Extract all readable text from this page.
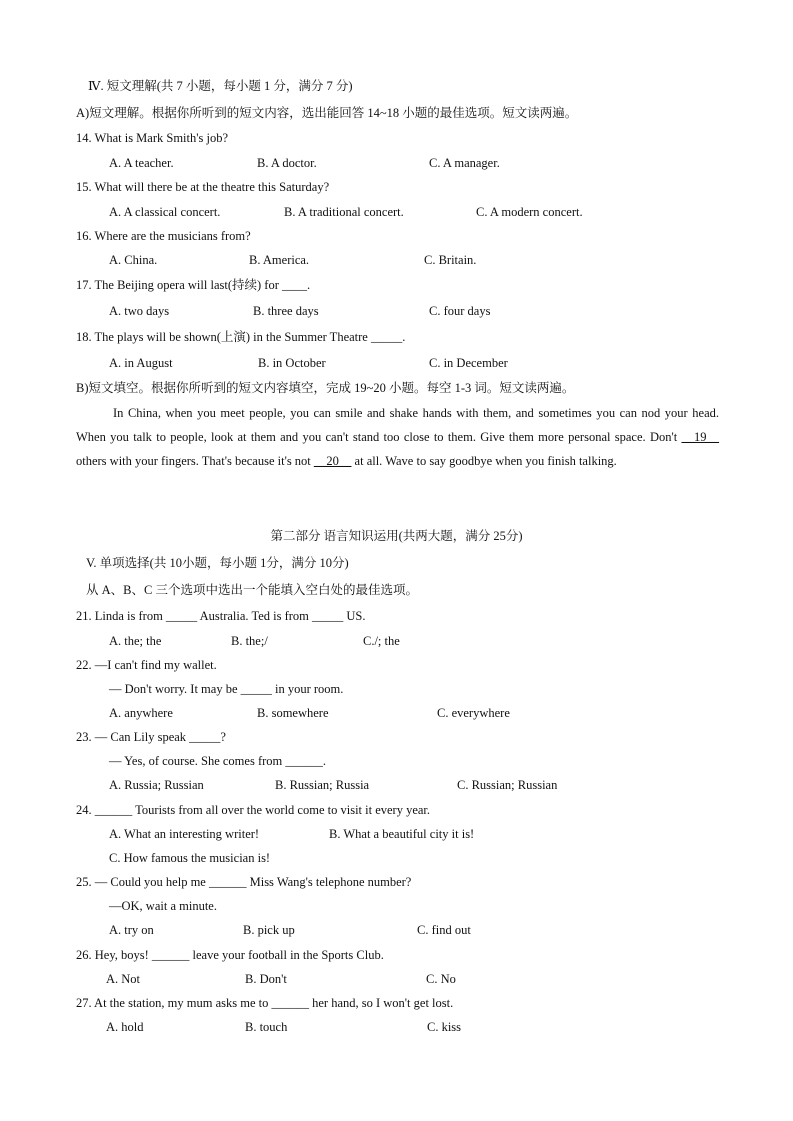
Ⅳ. 短文理解(共 7 小题，每小题 1 分，满分 7 分)
A)短文理解。根据你所听到的短文内容，选出能回答 14~18 小题的最佳选项。短文读两遍。
14. What is Mark Smith's job?
A. A teacher.	B. A doctor.	C. A manager.
15. What will there be at the theatre this Saturday?
A. A classical concert.	B. A traditional concert.	C. A modern concert.
16. Where are the musicians from?
A. China.	B. America.	C. Britain.
17. The Beijing opera will last(持续) for ____.
A. two days	B. three days	C. four days
18. The plays will be shown(上演) in the Summer Theatre _____.
A. in August	B. in October	C. in December
B)短文填空。根据你所听到的短文内容填空，完成 19~20 小题。每空 1-3 词。短文读两遍。

In China, when you meet people, you can smile and shake hands with them, and sometimes you can nod your head. When you talk to people, look at them and you can't stand too close to them. Give them more personal space. Don't __19__ others with your fingers. That's because it's not __20__ at all. Wave to say goodbye when you finish talking.

第二部分 语言知识运用(共两大题，满分 25分)
V. 单项选择(共 10小题，每小题 1分，满分 10分)
从 A、B、C 三个选项中选出一个能填入空白处的最佳选项。
21. Linda is from _____ Australia. Ted is from _____ US.
A. the; the	B. the;/	C./; the
22. —I can't find my wallet.
— Don't worry. It may be _____ in your room.
A. anywhere	B. somewhere	C. everywhere
23. — Can Lily speak _____?
— Yes, of course. She comes from ______.
A. Russia; Russian	B. Russian; Russia	C. Russian; Russian
24. ______ Tourists from all over the world come to visit it every year.
A. What an interesting writer!	B. What a beautiful city it is!
C. How famous the musician is!
25. — Could you help me ______ Miss Wang's telephone number?
—OK, wait a minute.
A. try on	B. pick up	C. find out
26. Hey, boys! ______ leave your football in the Sports Club.
A. Not	B. Don't	C. No
27. At the station, my mum asks me to ______ her hand, so I won't get lost.
A. hold	B. touch	C. kiss
